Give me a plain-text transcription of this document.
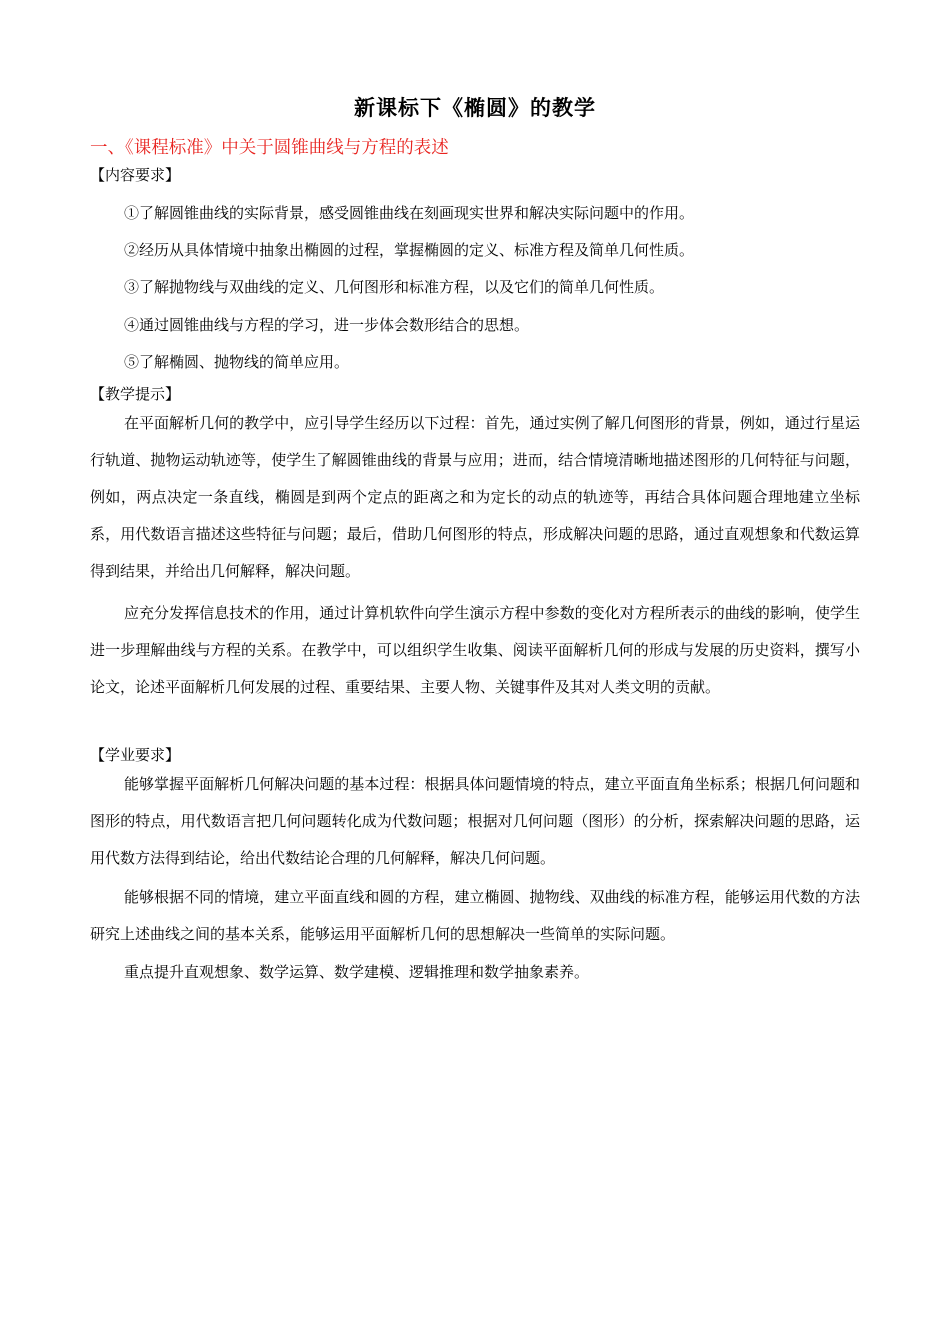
新课标下《椭圆》的教学
一、《课程标准》中关于圆锥曲线与方程的表述
【内容要求】
①了解圆锥曲线的实际背景，感受圆锥曲线在刻画现实世界和解决实际问题中的作用。
②经历从具体情境中抽象出椭圆的过程，掌握椭圆的定义、标准方程及简单几何性质。
③了解抛物线与双曲线的定义、几何图形和标准方程，以及它们的简单几何性质。
④通过圆锥曲线与方程的学习，进一步体会数形结合的思想。
⑤了解椭圆、抛物线的简单应用。
【教学提示】
在平面解析几何的教学中，应引导学生经历以下过程：首先，通过实例了解几何图形的背景，例如，通过行星运行轨道、抛物运动轨迹等，使学生了解圆锥曲线的背景与应用；进而，结合情境清晰地描述图形的几何特征与问题，例如，两点决定一条直线，椭圆是到两个定点的距离之和为定长的动点的轨迹等，再结合具体问题合理地建立坐标系，用代数语言描述这些特征与问题；最后，借助几何图形的特点，形成解决问题的思路，通过直观想象和代数运算得到结果，并给出几何解释，解决问题。
应充分发挥信息技术的作用，通过计算机软件向学生演示方程中参数的变化对方程所表示的曲线的影响，使学生进一步理解曲线与方程的关系。在教学中，可以组织学生收集、阅读平面解析几何的形成与发展的历史资料，撰写小论文，论述平面解析几何发展的过程、重要结果、主要人物、关键事件及其对人类文明的贡献。
【学业要求】
能够掌握平面解析几何解决问题的基本过程：根据具体问题情境的特点，建立平面直角坐标系；根据几何问题和图形的特点，用代数语言把几何问题转化成为代数问题；根据对几何问题（图形）的分析，探索解决问题的思路，运用代数方法得到结论，给出代数结论合理的几何解释，解决几何问题。
能够根据不同的情境，建立平面直线和圆的方程，建立椭圆、抛物线、双曲线的标准方程，能够运用代数的方法研究上述曲线之间的基本关系，能够运用平面解析几何的思想解决一些简单的实际问题。
重点提升直观想象、数学运算、数学建模、逻辑推理和数学抽象素养。
